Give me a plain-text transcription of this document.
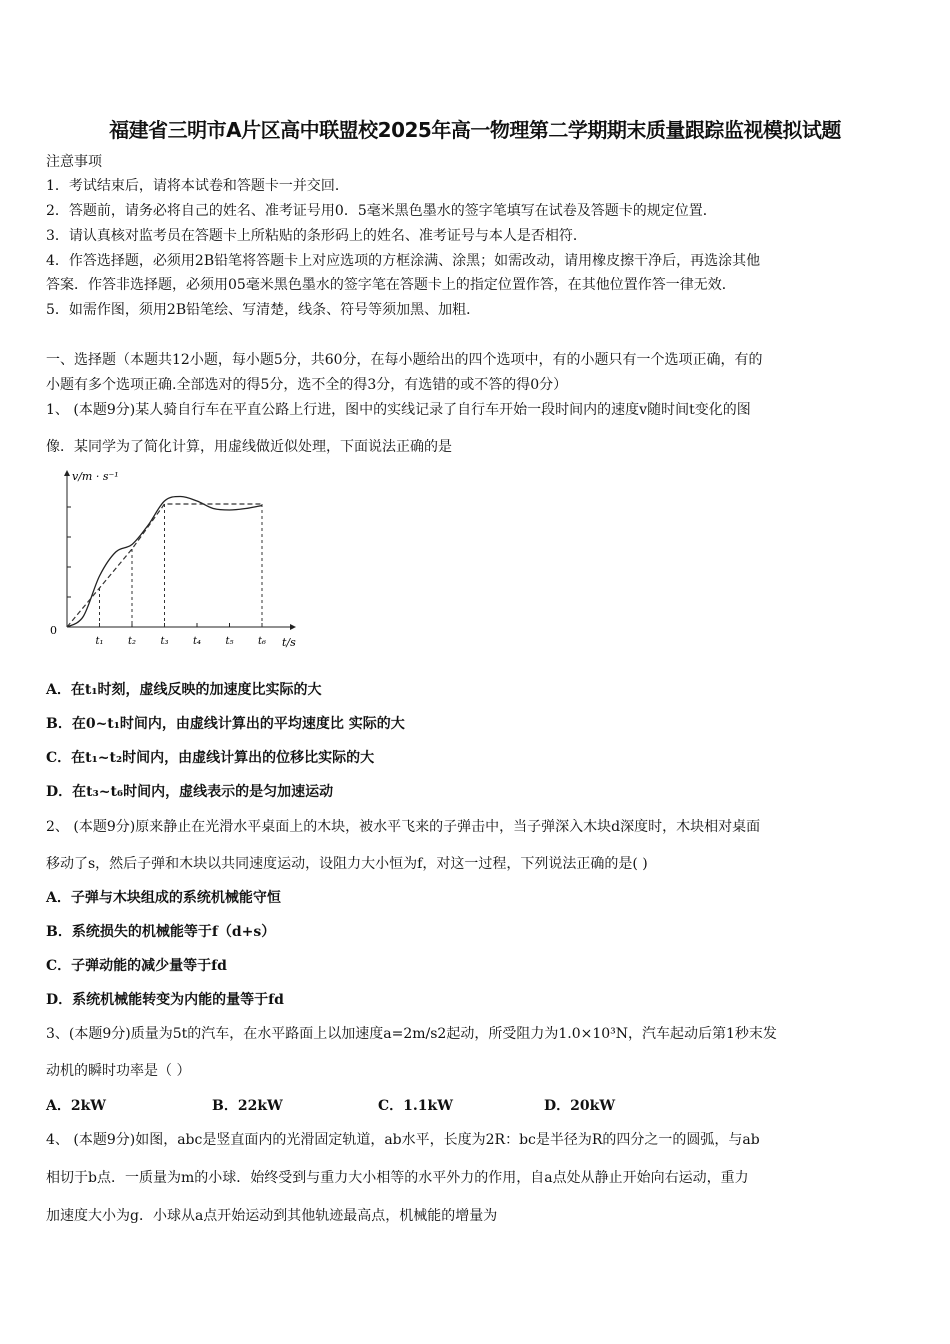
福建省三明市A片区高中联盟校2025年高一物理第二学期期末质量跟踪监视模拟试题
注意事项
1．考试结束后，请将本试卷和答题卡一并交回．
2．答题前，请务必将自己的姓名、准考证号用0．5毫米黑色墨水的签字笔填写在试卷及答题卡的规定位置．
3．请认真核对监考员在答题卡上所粘贴的条形码上的姓名、准考证号与本人是否相符．
4．作答选择题，必须用2B铅笔将答题卡上对应选项的方框涂满、涂黑；如需改动，请用橡皮擦干净后，再选涂其他
答案．作答非选择题，必须用05毫米黑色墨水的签字笔在答题卡上的指定位置作答，在其他位置作答一律无效．
5．如需作图，须用2B铅笔绘、写清楚，线条、符号等须加黑、加粗．
一、选择题（本题共12小题，每小题5分，共60分，在每小题给出的四个选项中，有的小题只有一个选项正确，有的
小题有多个选项正确.全部选对的得5分，选不全的得3分，有选错的或不答的得0分）
1、 (本题9分)某人骑自行车在平直公路上行进，图中的实线记录了自行车开始一段时间内的速度v随时间t变化的图
像．某同学为了简化计算，用虚线做近似处理，下面说法正确的是
t₁ t₂ t₃ t₄ t₅ t₆
v/m · s⁻¹
t/s
0
A．在t₁时刻，虚线反映的加速度比实际的大
B．在0~t₁时间内，由虚线计算出的平均速度比 实际的大
C．在t₁~t₂时间内，由虚线计算出的位移比实际的大
D．在t₃~t₆时间内，虚线表示的是匀加速运动
2、 (本题9分)原来静止在光滑水平桌面上的木块，被水平飞来的子弹击中，当子弹深入木块d深度时，木块相对桌面
移动了s，然后子弹和木块以共同速度运动，设阻力大小恒为f，对这一过程，下列说法正确的是( )
A．子弹与木块组成的系统机械能守恒
B．系统损失的机械能等于f（d+s）
C．子弹动能的减少量等于fd
D．系统机械能转变为内能的量等于fd
3、(本题9分)质量为5t的汽车，在水平路面上以加速度a=2m/s2起动，所受阻力为1.0×10³N，汽车起动后第1秒末发
动机的瞬时功率是（ ）
A．2kW	B．22kW	C．1.1kW	D．20kW
4、 (本题9分)如图，abc是竖直面内的光滑固定轨道，ab水平，长度为2R：bc是半径为R的四分之一的圆弧，与ab
相切于b点．一质量为m的小球．始终受到与重力大小相等的水平外力的作用，自a点处从静止开始向右运动，重力
加速度大小为g．小球从a点开始运动到其他轨迹最高点，机械能的增量为
